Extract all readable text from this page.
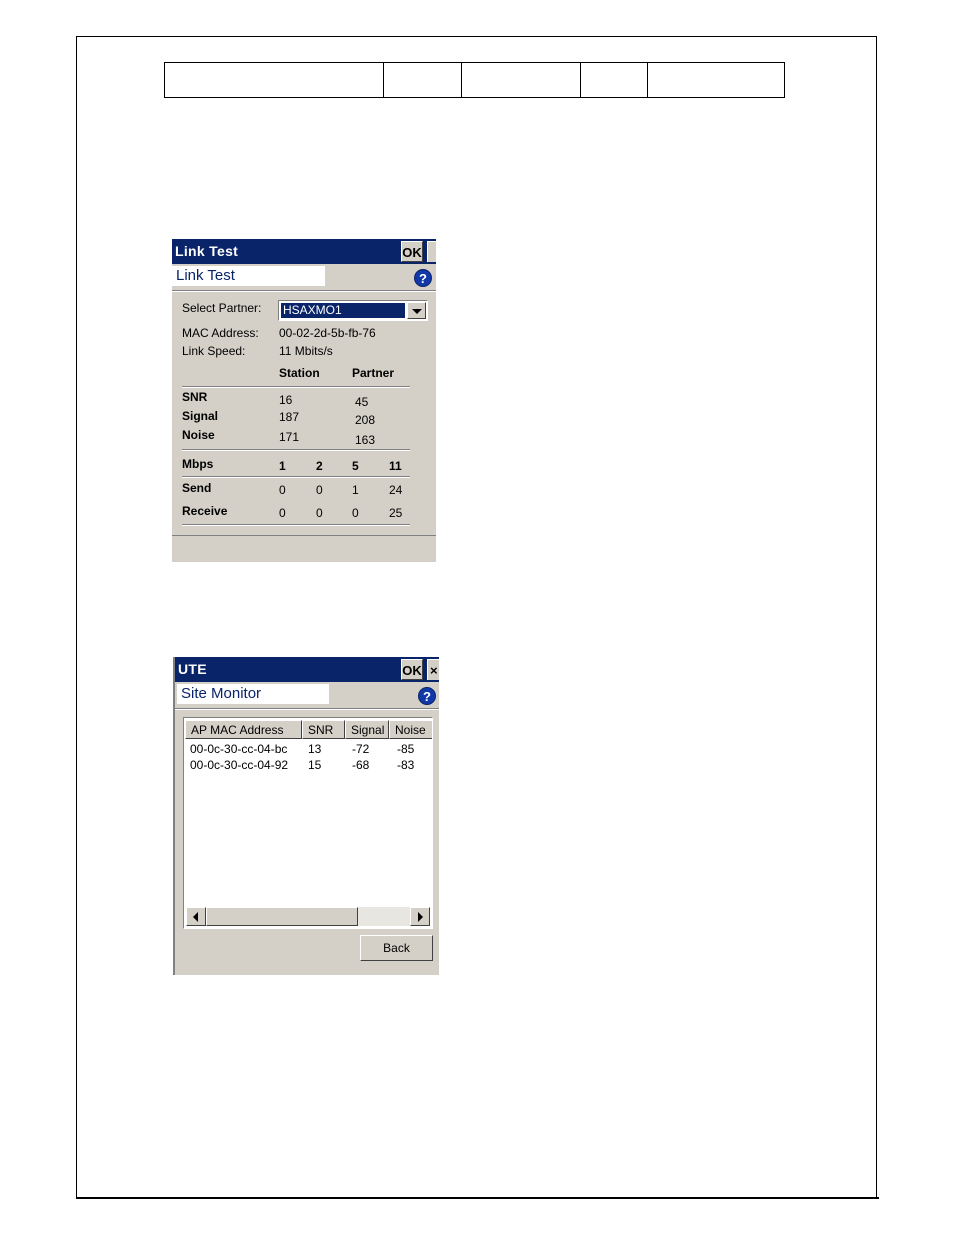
Link Test	OK
Link Test	?
Select Partner: HSAXMO1
MAC Address: 00-02-2d-5b-fb-76
Link Speed:	11 Mbits/s
Station	Partner
SNR	16	45
Signal	187	208
Noise	171	163
Mbps	1	2 5	11
Send	0	0 1	24
Receive	0	0 0	25
UTE	OK ×
Site Monitor	?
AP MAC Address	SNR	Signal Noise
00-0c-30-cc-04-bc 13	-72 -85
00-0c-30-cc-04-92 15	-68 -83
Back
